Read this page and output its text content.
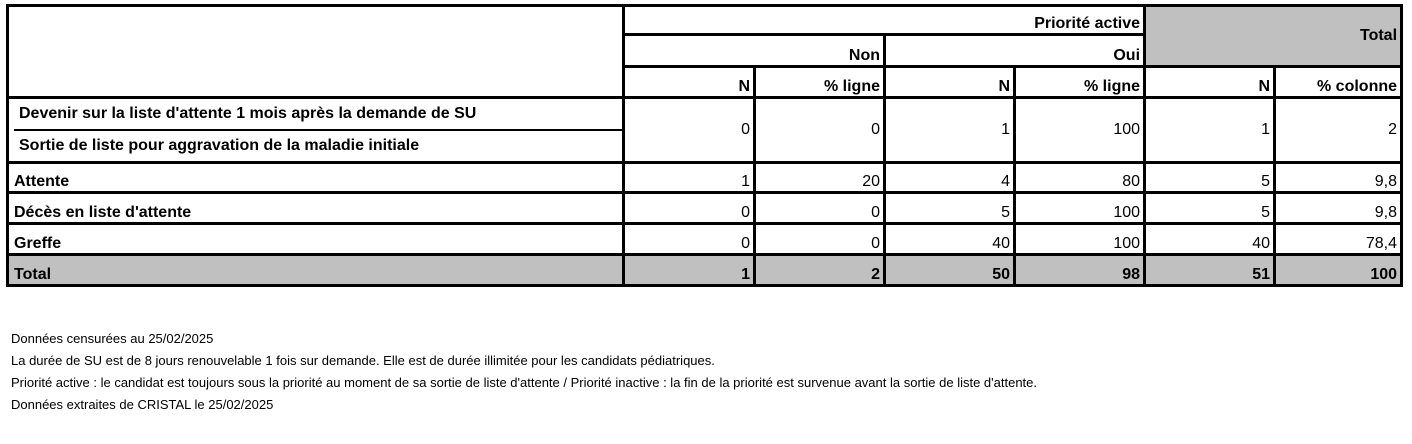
	Priorité active				Total	
	Non		Oui			
	N	% ligne	N	% ligne	N	% colonne

Devenir sur la liste d'attente 1 mois après la demande de SU
Sortie de liste pour aggravation de la maladie initiale	0	0	1	100	1	2
Attente	1	20	4	80	5	9,8
Décès en liste d'attente	0	0	5	100	5	9,8
Greffe	0	0	40	100	40	78,4
Total	1	2	50	98	51	100
Données censurées au 25/02/2025
La durée de SU est de 8 jours renouvelable 1 fois sur demande. Elle est de durée illimitée pour les candidats pédiatriques.
Priorité active : le candidat est toujours sous la priorité au moment de sa sortie de liste d'attente / Priorité inactive : la fin de la priorité est survenue avant la sortie de liste d'attente.
Données extraites de CRISTAL le 25/02/2025
